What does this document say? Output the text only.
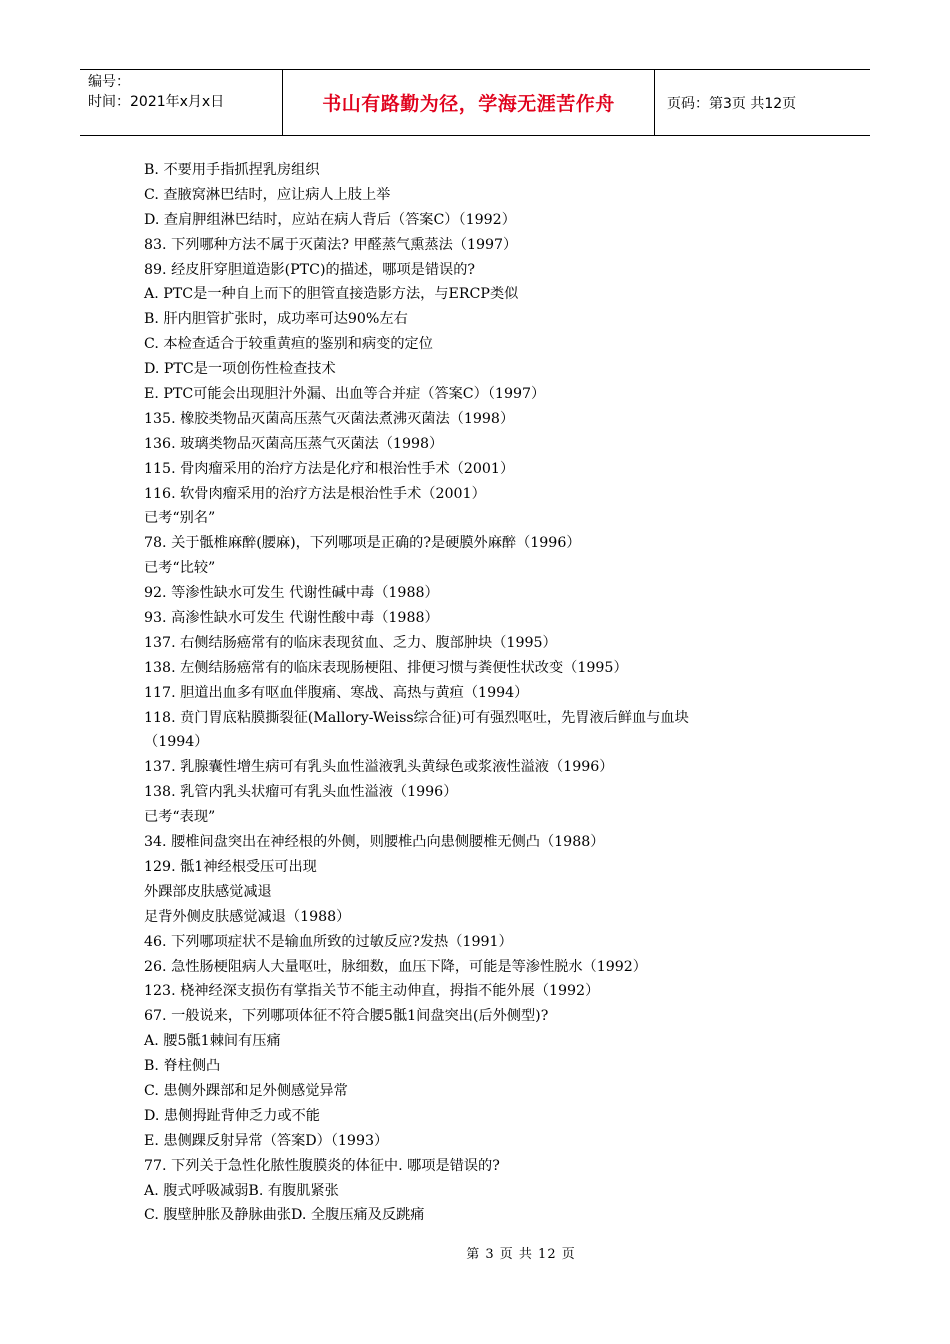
编号：
时间：2021年x月x日	书山有路勤为径，学海无涯苦作舟	页码：第3页 共12页
B. 不要用手指抓捏乳房组织
C. 查腋窝淋巴结时，应让病人上肢上举
D. 查肩胛组淋巴结时，应站在病人背后（答案C）（1992）
83. 下列哪种方法不属于灭菌法? 甲醛蒸气熏蒸法（1997）
89. 经皮肝穿胆道造影(PTC)的描述，哪项是错误的?
A. PTC是一种自上而下的胆管直接造影方法，与ERCP类似
B. 肝内胆管扩张时，成功率可达90%左右
C. 本检查适合于较重黄疸的鉴别和病变的定位
D. PTC是一项创伤性检查技术
E. PTC可能会出现胆汁外漏、出血等合并症（答案C）（1997）
135. 橡胶类物品灭菌高压蒸气灭菌法煮沸灭菌法（1998）
136. 玻璃类物品灭菌高压蒸气灭菌法（1998）
115. 骨肉瘤采用的治疗方法是化疗和根治性手术（2001）
116. 软骨肉瘤采用的治疗方法是根治性手术（2001）
已考“别名”
78. 关于骶椎麻醉(腰麻)，下列哪项是正确的?是硬膜外麻醉（1996）
已考“比较”
92. 等渗性缺水可发生 代谢性碱中毒（1988）
93. 高渗性缺水可发生 代谢性酸中毒（1988）
137. 右侧结肠癌常有的临床表现贫血、乏力、腹部肿块（1995）
138. 左侧结肠癌常有的临床表现肠梗阻、排便习惯与粪便性状改变（1995）
117. 胆道出血多有呕血伴腹痛、寒战、高热与黄疸（1994）
118. 贲门胃底粘膜撕裂征(Mallory-Weiss综合征)可有强烈呕吐，先胃液后鲜血与血块
（1994）
137. 乳腺囊性增生病可有乳头血性溢液乳头黄绿色或浆液性溢液（1996）
138. 乳管内乳头状瘤可有乳头血性溢液（1996）
已考“表现”
34. 腰椎间盘突出在神经根的外侧，则腰椎凸向患侧腰椎无侧凸（1988）
129. 骶1神经根受压可出现
外踝部皮肤感觉减退
足背外侧皮肤感觉减退（1988）
46. 下列哪项症状不是输血所致的过敏反应?发热（1991）
26. 急性肠梗阻病人大量呕吐，脉细数，血压下降，可能是等渗性脱水（1992）
123. 桡神经深支损伤有掌指关节不能主动伸直，拇指不能外展（1992）
67. 一般说来，下列哪项体征不符合腰5骶1间盘突出(后外侧型)?
A. 腰5骶1棘间有压痛
B. 脊柱侧凸
C. 患侧外踝部和足外侧感觉异常
D. 患侧拇趾背伸乏力或不能
E. 患侧踝反射异常（答案D）（1993）
77. 下列关于急性化脓性腹膜炎的体征中. 哪项是错误的?
A. 腹式呼吸减弱B. 有腹肌紧张
C. 腹壁肿胀及静脉曲张D. 全腹压痛及反跳痛
第 3 页 共 12 页
